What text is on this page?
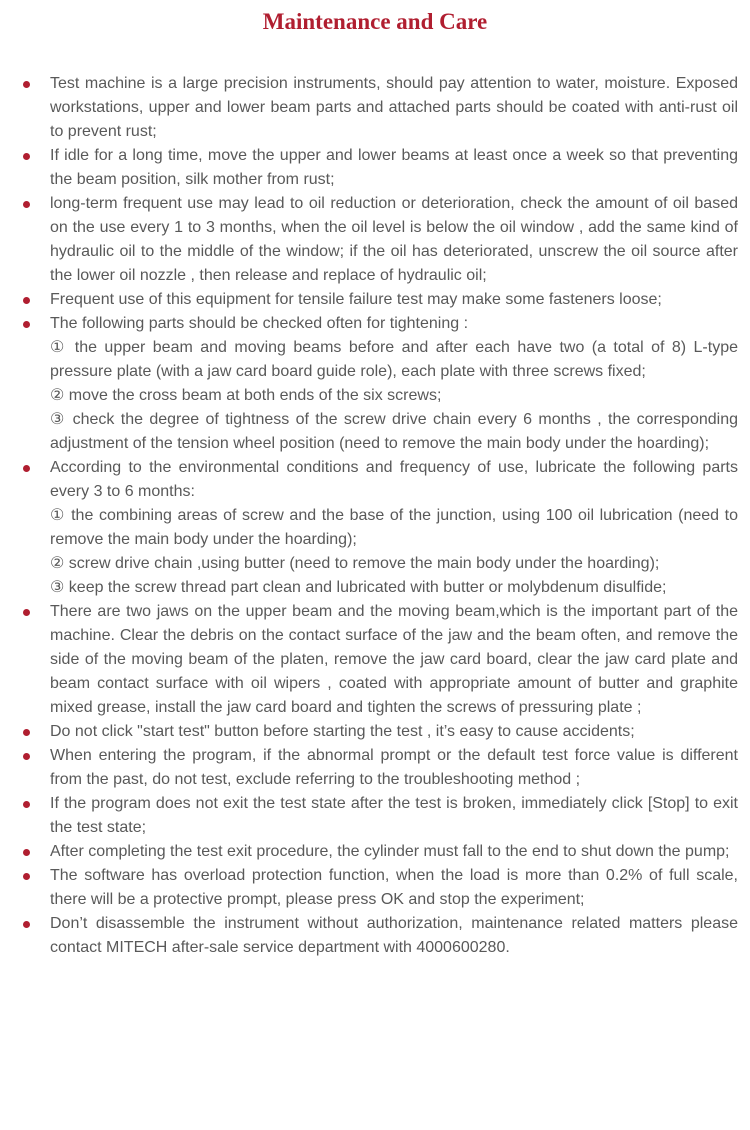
Maintenance and Care

Test machine is a large precision instruments, should pay attention to water, moisture. Exposed workstations, upper and lower beam parts and attached parts should be coated with anti-rust oil to prevent rust;

If idle for a long time, move the upper and lower beams at least once a week so that preventing the beam position, silk mother from rust;

long-term frequent use may lead to oil reduction or deterioration, check the amount of oil based on the use every 1 to 3 months, when the oil level is below the oil window , add the same kind of hydraulic oil to the middle of the window; if the oil has deteriorated, unscrew the oil source after the lower oil nozzle , then release and replace of hydraulic oil;

Frequent use of this equipment for tensile failure test may make some fasteners loose;

The following parts should be checked often for tightening :

① the upper beam and moving beams before and after each have two (a total of 8) L-type pressure plate (with a jaw card board guide role), each plate with three screws fixed;

② move the cross beam at both ends of the six screws;

③ check the degree of tightness of the screw drive chain every 6 months , the corresponding adjustment of the tension wheel position (need to remove the main body under the hoarding);

According to the environmental conditions and frequency of use, lubricate the following parts every 3 to 6 months:

① the combining areas of screw and the base of the junction, using 100 oil lubrication (need to remove the main body under the hoarding);

② screw drive chain ,using butter (need to remove the main body under the hoarding);

③ keep the screw thread part clean and lubricated with butter or molybdenum disulfide;

There are two jaws on the upper beam and the moving beam,which is the important part of the machine. Clear the debris on the contact surface of the jaw and the beam often, and remove the side of the moving beam of the platen, remove the jaw card board, clear the jaw card plate and beam contact surface with oil wipers , coated with appropriate amount of butter and graphite mixed grease, install the jaw card board and tighten the screws of pressuring plate ;

Do not click "start test" button before starting the test , it’s easy to cause accidents;

When entering the program, if the abnormal prompt or the default test force value is different from the past, do not test, exclude referring to the troubleshooting method ;

If the program does not exit the test state after the test is broken, immediately click [Stop] to exit the test state;

After completing the test exit procedure, the cylinder must fall to the end to shut down the pump;

The software has overload protection function, when the load is more than 0.2% of full scale, there will be a protective prompt, please press OK and stop the experiment;

Don’t disassemble the instrument without authorization, maintenance related matters please contact MITECH after-sale service department with 4000600280.
